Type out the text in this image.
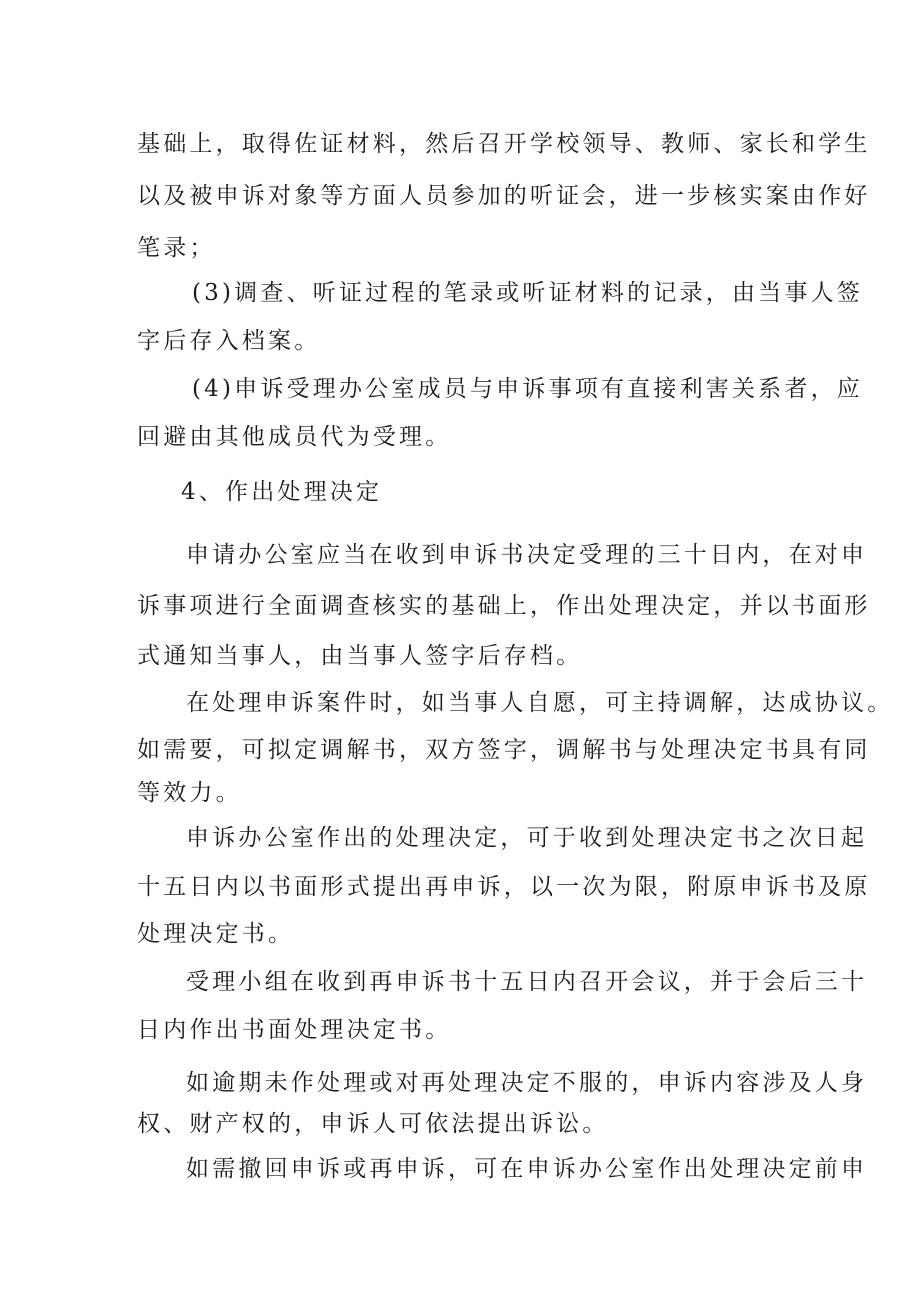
基础上，取得佐证材料，然后召开学校领导、教师、家长和学生
以及被申诉对象等方面人员参加的听证会，进一步核实案由作好
笔录；
(3)调查、听证过程的笔录或听证材料的记录，由当事人签
字后存入档案。
(4)申诉受理办公室成员与申诉事项有直接利害关系者，应
回避由其他成员代为受理。
4、作出处理决定
申请办公室应当在收到申诉书决定受理的三十日内，在对申
诉事项进行全面调查核实的基础上，作出处理决定，并以书面形
式通知当事人，由当事人签字后存档。
在处理申诉案件时，如当事人自愿，可主持调解，达成协议。
如需要，可拟定调解书，双方签字，调解书与处理决定书具有同
等效力。
申诉办公室作出的处理决定，可于收到处理决定书之次日起
十五日内以书面形式提出再申诉，以一次为限，附原申诉书及原
处理决定书。
受理小组在收到再申诉书十五日内召开会议，并于会后三十
日内作出书面处理决定书。
如逾期未作处理或对再处理决定不服的，申诉内容涉及人身
权、财产权的，申诉人可依法提出诉讼。
如需撤回申诉或再申诉，可在申诉办公室作出处理决定前申
